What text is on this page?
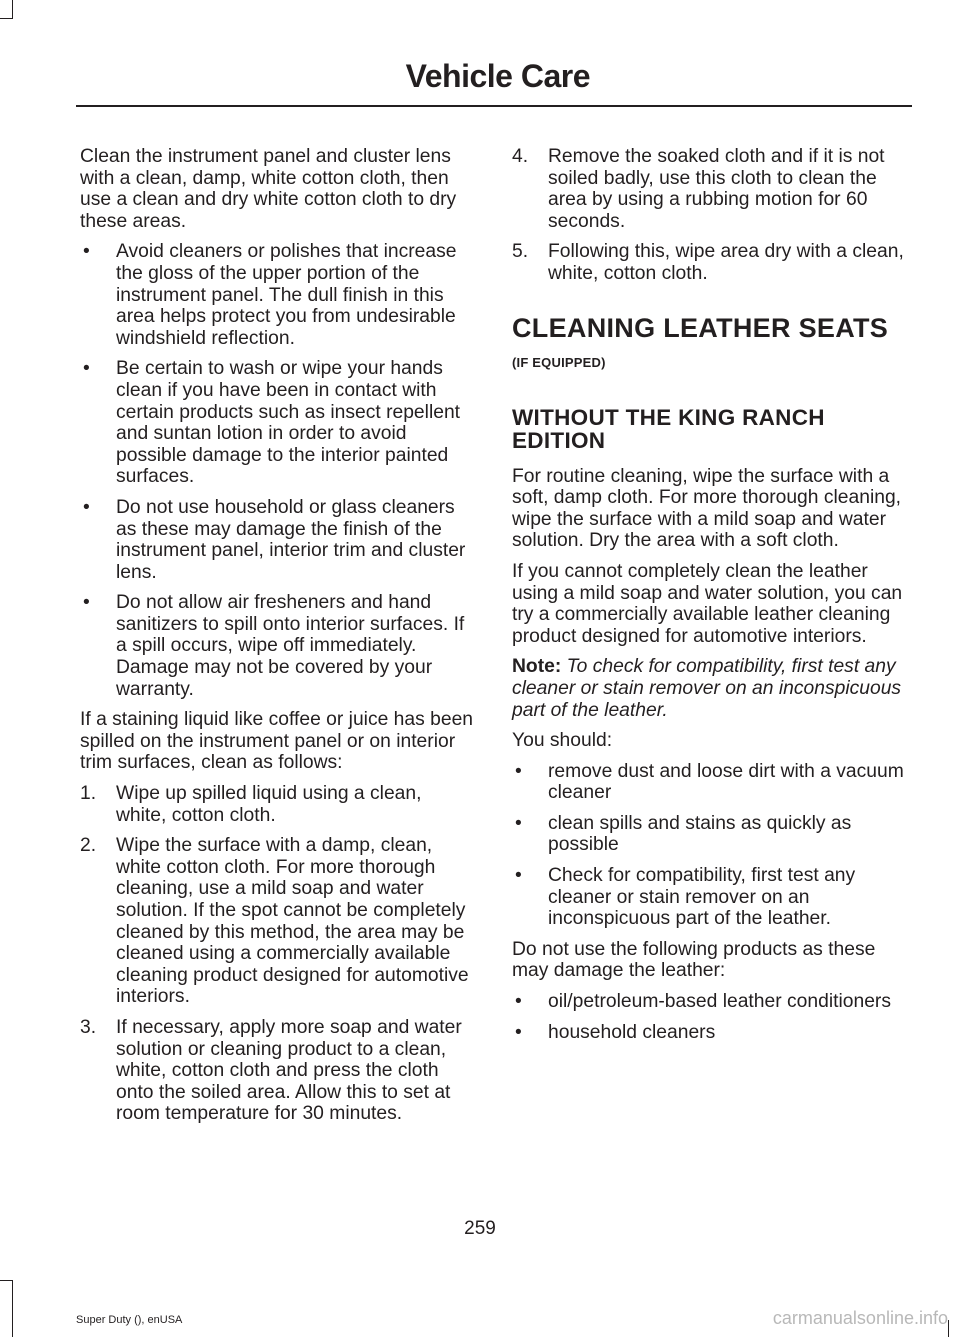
Vehicle Care

Clean the instrument panel and cluster lens with a clean, damp, white cotton cloth, then use a clean and dry white cotton cloth to dry these areas.

• Avoid cleaners or polishes that increase the gloss of the upper portion of the instrument panel. The dull finish in this area helps protect you from undesirable windshield reflection.
• Be certain to wash or wipe your hands clean if you have been in contact with certain products such as insect repellent and suntan lotion in order to avoid possible damage to the interior painted surfaces.
• Do not use household or glass cleaners as these may damage the finish of the instrument panel, interior trim and cluster lens.
• Do not allow air fresheners and hand sanitizers to spill onto interior surfaces. If a spill occurs, wipe off immediately. Damage may not be covered by your warranty.

If a staining liquid like coffee or juice has been spilled on the instrument panel or on interior trim surfaces, clean as follows:

1. Wipe up spilled liquid using a clean, white, cotton cloth.
2. Wipe the surface with a damp, clean, white cotton cloth. For more thorough cleaning, use a mild soap and water solution. If the spot cannot be completely cleaned by this method, the area may be cleaned using a commercially available cleaning product designed for automotive interiors.
3. If necessary, apply more soap and water solution or cleaning product to a clean, white, cotton cloth and press the cloth onto the soiled area. Allow this to set at room temperature for 30 minutes.
4. Remove the soaked cloth and if it is not soiled badly, use this cloth to clean the area by using a rubbing motion for 60 seconds.
5. Following this, wipe area dry with a clean, white, cotton cloth.
CLEANING LEATHER SEATS (IF EQUIPPED)
WITHOUT THE KING RANCH EDITION

For routine cleaning, wipe the surface with a soft, damp cloth. For more thorough cleaning, wipe the surface with a mild soap and water solution. Dry the area with a soft cloth.

If you cannot completely clean the leather using a mild soap and water solution, you can try a commercially available leather cleaning product designed for automotive interiors.

Note: To check for compatibility, first test any cleaner or stain remover on an inconspicuous part of the leather.

You should:

• remove dust and loose dirt with a vacuum cleaner
• clean spills and stains as quickly as possible
• Check for compatibility, first test any cleaner or stain remover on an inconspicuous part of the leather.

Do not use the following products as these may damage the leather:

• oil/petroleum-based leather conditioners
• household cleaners
259
Super Duty (), enUSA	carmanualsonline.info
